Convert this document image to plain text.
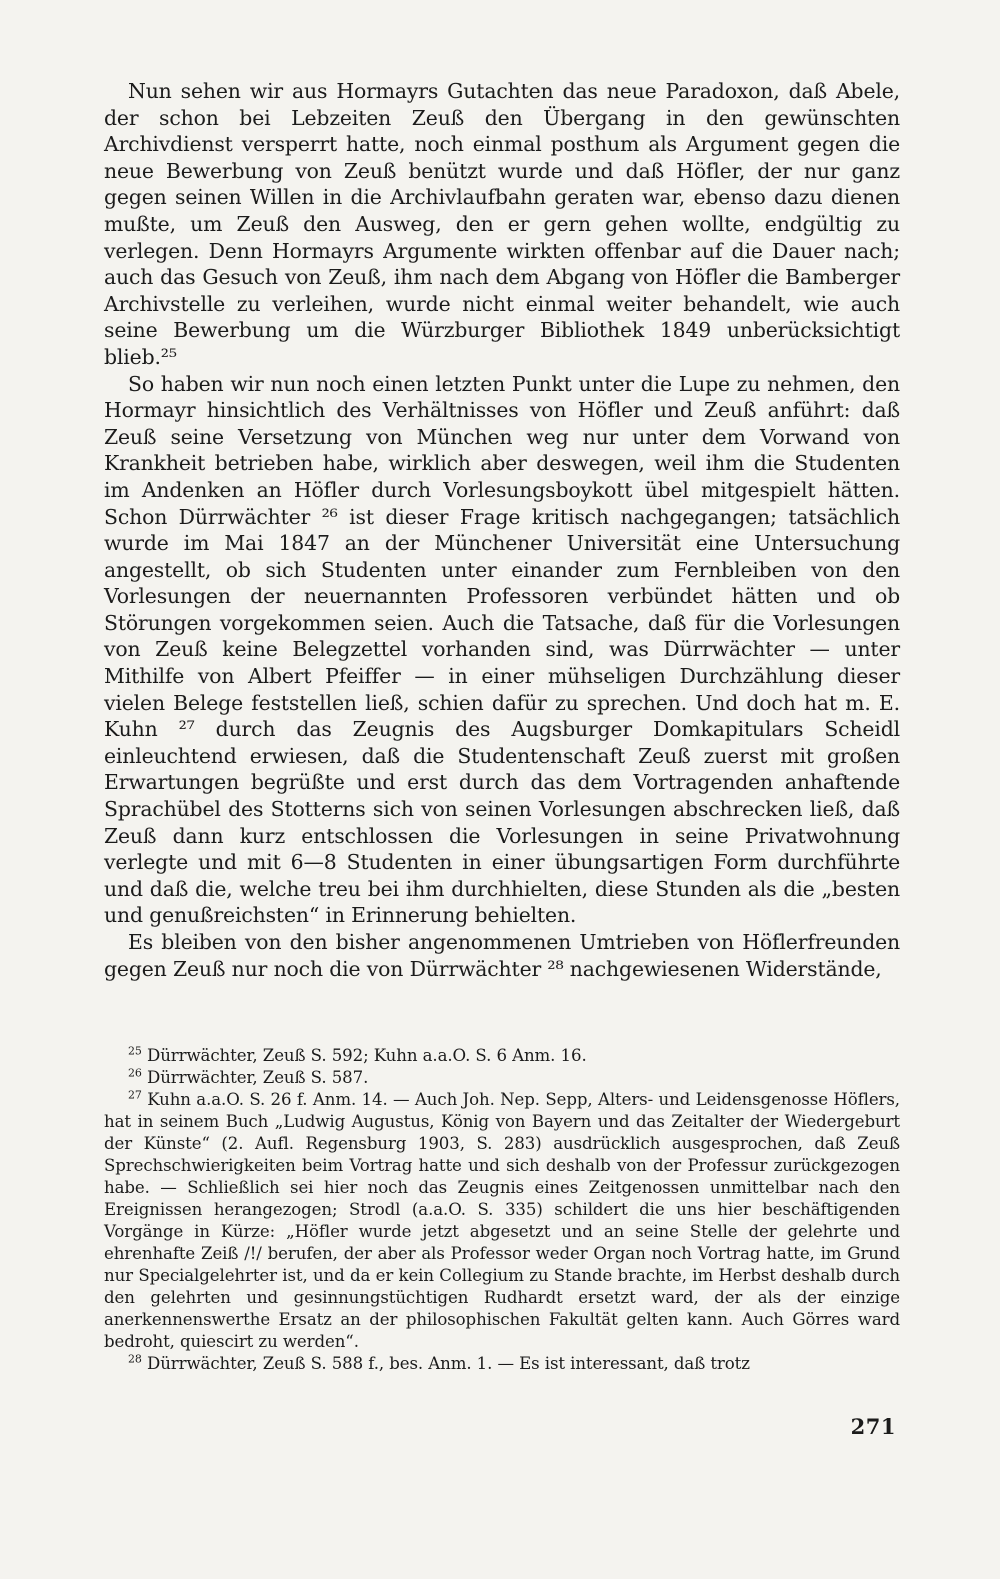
Nun sehen wir aus Hormayrs Gutachten das neue Paradoxon, daß Abele, der schon bei Lebzeiten Zeuß den Übergang in den gewünschten Archivdienst versperrt hatte, noch einmal posthum als Argument gegen die neue Bewerbung von Zeuß benützt wurde und daß Höfler, der nur ganz gegen seinen Willen in die Archivlaufbahn geraten war, ebenso dazu dienen mußte, um Zeuß den Ausweg, den er gern gehen wollte, endgültig zu verlegen. Denn Hormayrs Argumente wirkten offenbar auf die Dauer nach; auch das Gesuch von Zeuß, ihm nach dem Abgang von Höfler die Bamberger Archivstelle zu verleihen, wurde nicht einmal weiter behandelt, wie auch seine Bewerbung um die Würzburger Bibliothek 1849 unberücksichtigt blieb.²⁵

So haben wir nun noch einen letzten Punkt unter die Lupe zu nehmen, den Hormayr hinsichtlich des Verhältnisses von Höfler und Zeuß anführt: daß Zeuß seine Versetzung von München weg nur unter dem Vorwand von Krankheit betrieben habe, wirklich aber deswegen, weil ihm die Studenten im Andenken an Höfler durch Vorlesungsboykott übel mitgespielt hätten. Schon Dürrwächter ²⁶ ist dieser Frage kritisch nachgegangen; tatsächlich wurde im Mai 1847 an der Münchener Universität eine Untersuchung angestellt, ob sich Studenten unter einander zum Fernbleiben von den Vorlesungen der neuernannten Professoren verbündet hätten und ob Störungen vorgekommen seien. Auch die Tatsache, daß für die Vorlesungen von Zeuß keine Belegzettel vorhanden sind, was Dürrwächter — unter Mithilfe von Albert Pfeiffer — in einer mühseligen Durchzählung dieser vielen Belege feststellen ließ, schien dafür zu sprechen. Und doch hat m. E. Kuhn ²⁷ durch das Zeugnis des Augsburger Domkapitulars Scheidl einleuchtend erwiesen, daß die Studentenschaft Zeuß zuerst mit großen Erwartungen begrüßte und erst durch das dem Vortragenden anhaftende Sprachübel des Stotterns sich von seinen Vorlesungen abschrecken ließ, daß Zeuß dann kurz entschlossen die Vorlesungen in seine Privatwohnung verlegte und mit 6—8 Studenten in einer übungsartigen Form durchführte und daß die, welche treu bei ihm durchhielten, diese Stunden als die „besten und genußreichsten“ in Erinnerung behielten.

Es bleiben von den bisher angenommenen Umtrieben von Höflerfreunden gegen Zeuß nur noch die von Dürrwächter ²⁸ nachgewiesenen Widerstände,

$^{25}$ Dürrwächter, Zeuß S. 592; Kuhn a.a.O. S. 6 Anm. 16.

$^{26}$ Dürrwächter, Zeuß S. 587.

$^{27}$ Kuhn a.a.O. S. 26 f. Anm. 14. — Auch Joh. Nep. Sepp, Alters- und Leidensgenosse Höflers, hat in seinem Buch „Ludwig Augustus, König von Bayern und das Zeitalter der Wiedergeburt der Künste“ (2. Aufl. Regensburg 1903, S. 283) ausdrücklich ausgesprochen, daß Zeuß Sprechschwierigkeiten beim Vortrag hatte und sich deshalb von der Professur zurückgezogen habe. — Schließlich sei hier noch das Zeugnis eines Zeitgenossen unmittelbar nach den Ereignissen herangezogen; Strodl (a.a.O. S. 335) schildert die uns hier beschäftigenden Vorgänge in Kürze: „Höfler wurde jetzt abgesetzt und an seine Stelle der gelehrte und ehrenhafte Zeiß /!/ berufen, der aber als Professor weder Organ noch Vortrag hatte, im Grund nur Specialgelehrter ist, und da er kein Collegium zu Stande brachte, im Herbst deshalb durch den gelehrten und gesinnungstüchtigen Rudhardt ersetzt ward, der als der einzige anerkennenswerthe Ersatz an der philosophischen Fakultät gelten kann. Auch Görres ward bedroht, quiescirt zu werden“.

$^{28}$ Dürrwächter, Zeuß S. 588 f., bes. Anm. 1. — Es ist interessant, daß trotz

271
